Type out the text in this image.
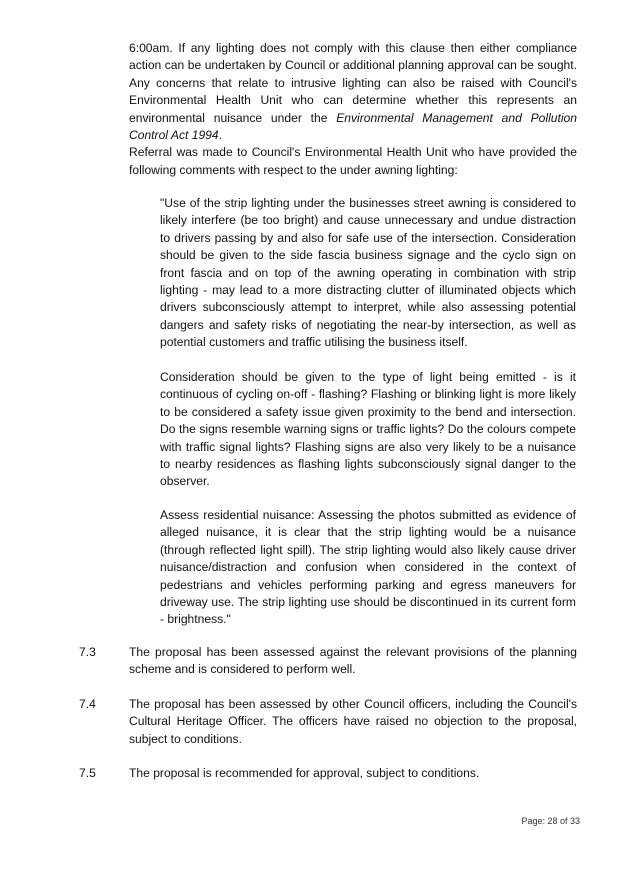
6:00am. If any lighting does not comply with this clause then either compliance action can be undertaken by Council or additional planning approval can be sought. Any concerns that relate to intrusive lighting can also be raised with Council's Environmental Health Unit who can determine whether this represents an environmental nuisance under the Environmental Management and Pollution Control Act 1994.

Referral was made to Council's Environmental Health Unit who have provided the following comments with respect to the under awning lighting:

"Use of the strip lighting under the businesses street awning is considered to likely interfere (be too bright) and cause unnecessary and undue distraction to drivers passing by and also for safe use of the intersection. Consideration should be given to the side fascia business signage and the cyclo sign on front fascia and on top of the awning operating in combination with strip lighting - may lead to a more distracting clutter of illuminated objects which drivers subconsciously attempt to interpret, while also assessing potential dangers and safety risks of negotiating the near-by intersection, as well as potential customers and traffic utilising the business itself.
Consideration should be given to the type of light being emitted - is it continuous of cycling on-off - flashing? Flashing or blinking light is more likely to be considered a safety issue given proximity to the bend and intersection. Do the signs resemble warning signs or traffic lights? Do the colours compete with traffic signal lights? Flashing signs are also very likely to be a nuisance to nearby residences as flashing lights subconsciously signal danger to the observer.
Assess residential nuisance: Assessing the photos submitted as evidence of alleged nuisance, it is clear that the strip lighting would be a nuisance (through reflected light spill). The strip lighting would also likely cause driver nuisance/distraction and confusion when considered in the context of pedestrians and vehicles performing parking and egress maneuvers for driveway use. The strip lighting use should be discontinued in its current form - brightness."
7.3	The proposal has been assessed against the relevant provisions of the planning scheme and is considered to perform well.
7.4	The proposal has been assessed by other Council officers, including the Council's Cultural Heritage Officer. The officers have raised no objection to the proposal, subject to conditions.
7.5	The proposal is recommended for approval, subject to conditions.
Page: 28 of 33
